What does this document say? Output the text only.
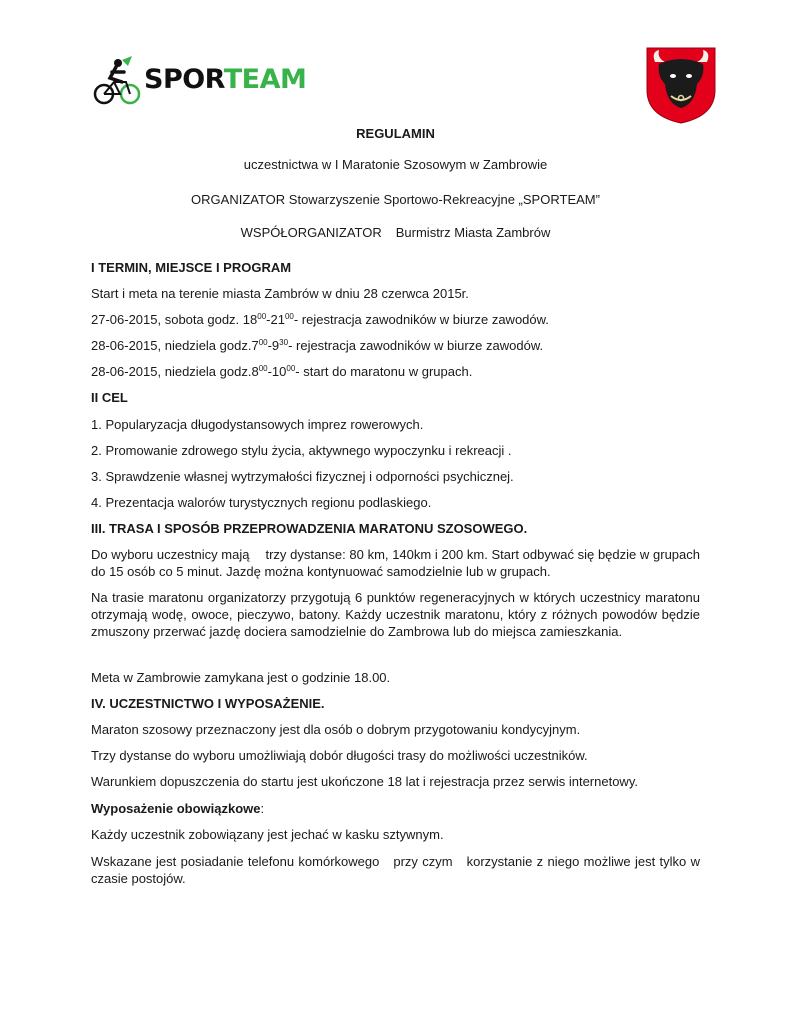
SPORTEAM
REGULAMIN
uczestnictwa w I Maratonie Szosowym w Zambrowie
ORGANIZATOR Stowarzyszenie Sportowo-Rekreacyjne „SPORTEAM”
WSPÓŁORGANIZATOR Burmistrz Miasta Zambrów
I TERMIN, MIEJSCE I PROGRAM
Start i meta na terenie miasta Zambrów w dniu 28 czerwca 2015r.
27-06-2015, sobota godz. $18^{00}-21^{00}-$ rejestracja zawodników w biurze zawodów.
28-06-2015, niedziela $godz.7^{00}-9^{30}-$ rejestracja zawodników w biurze zawodów.
28-06-2015, niedziela $godz.8^{00}-10^{00}-$ start do maratonu w grupach.
II CEL
1. Popularyzacja długodystansowych imprez rowerowych.
2. Promowanie zdrowego stylu życia, aktywnego wypoczynku i rekreacji .
3. Sprawdzenie własnej wytrzymałości fizycznej i odporności psychicznej.
4. Prezentacja walorów turystycznych regionu podlaskiego.
III. TRASA I SPOSÓB PRZEPROWADZENIA MARATONU SZOSOWEGO.
Do wyboru uczestnicy mają trzy dystanse: 80 km, 140km i 200 km. Start odbywać się będzie w grupach do 15 osób co 5 minut. Jazdę można kontynuować samodzielnie lub w grupach.
Na trasie maratonu organizatorzy przygotują 6 punktów regeneracyjnych w których uczestnicy maratonu otrzymają wodę, owoce, pieczywo, batony. Każdy uczestnik maratonu, który z różnych powodów będzie zmuszony przerwać jazdę dociera samodzielnie do Zambrowa lub do miejsca zamieszkania.
Meta w Zambrowie zamykana jest o godzinie 18.00.
IV. UCZESTNICTWO I WYPOSAŻENIE.
Maraton szosowy przeznaczony jest dla osób o dobrym przygotowaniu kondycyjnym.
Trzy dystanse do wyboru umożliwiają dobór długości trasy do możliwości uczestników.
Warunkiem dopuszczenia do startu jest ukończone 18 lat i rejestracja przez serwis internetowy.
Wyposażenie obowiązkowe:
Każdy uczestnik zobowiązany jest jechać w kasku sztywnym.
Wskazane jest posiadanie telefonu komórkowego przy czym korzystanie z niego możliwe jest tylko w czasie postojów.
